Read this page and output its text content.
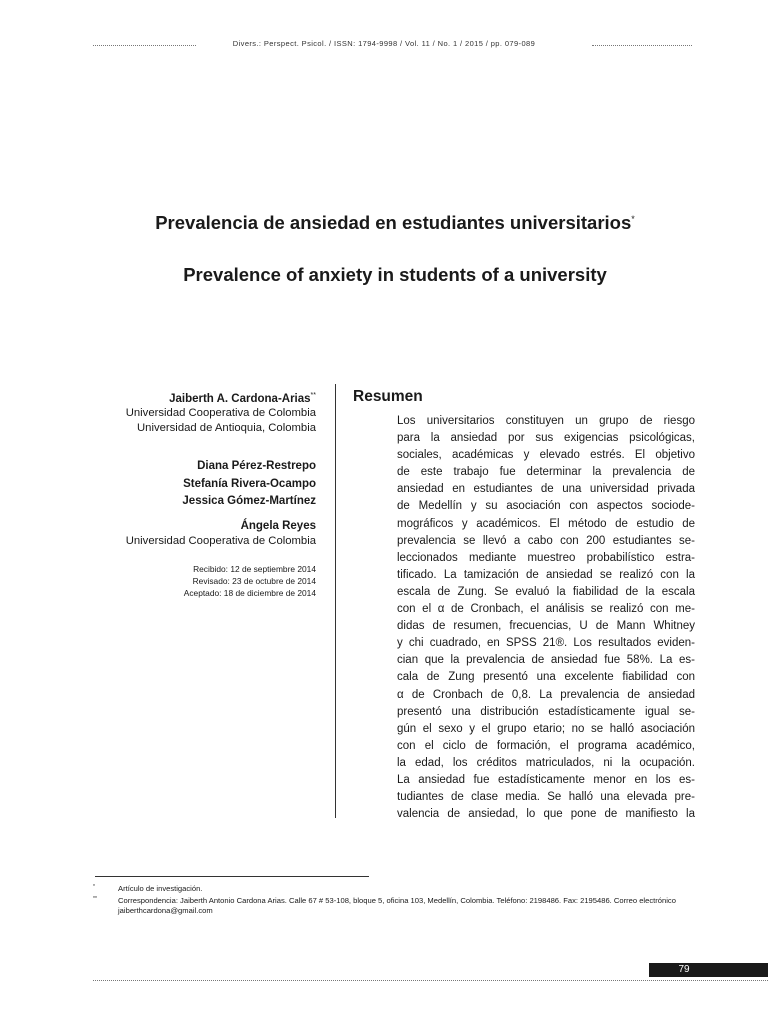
Divers.: Perspect. Psicol. / ISSN: 1794-9998 / Vol. 11 / No. 1 / 2015 / pp. 079-089
Prevalencia de ansiedad en estudiantes universitarios*
Prevalence of anxiety in students of a university
Jaiberth A. Cardona-Arias**
Universidad Cooperativa de Colombia
Universidad de Antioquia, Colombia
Diana Pérez-Restrepo
Stefanía Rivera-Ocampo
Jessica Gómez-Martínez
Ángela Reyes
Universidad Cooperativa de Colombia
Recibido: 12 de septiembre 2014
Revisado: 23 de octubre de 2014
Aceptado: 18 de diciembre de 2014
Resumen
Los universitarios constituyen un grupo de riesgo
para la ansiedad por sus exigencias psicológicas,
sociales, académicas y elevado estrés. El objetivo
de este trabajo fue determinar la prevalencia de
ansiedad en estudiantes de una universidad privada
de Medellín y su asociación con aspectos sociode-
mográficos y académicos. El método de estudio de
prevalencia se llevó a cabo con 200 estudiantes se-
leccionados mediante muestreo probabilístico estra-
tificado. La tamización de ansiedad se realizó con la
escala de Zung. Se evaluó la fiabilidad de la escala
con el α de Cronbach, el análisis se realizó con me-
didas de resumen, frecuencias, U de Mann Whitney
y chi cuadrado, en SPSS 21®. Los resultados eviden-
cian que la prevalencia de ansiedad fue 58%. La es-
cala de Zung presentó una excelente fiabilidad con
α de Cronbach de 0,8. La prevalencia de ansiedad
presentó una distribución estadísticamente igual se-
gún el sexo y el grupo etario; no se halló asociación
con el ciclo de formación, el programa académico,
la edad, los créditos matriculados, ni la ocupación.
La ansiedad fue estadísticamente menor en los es-
tudiantes de clase media. Se halló una elevada pre-
valencia de ansiedad, lo que pone de manifiesto la
*	Artículo de investigación.
**	Correspondencia: Jaiberth Antonio Cardona Arias. Calle 67 # 53-108, bloque 5, oficina 103, Medellín, Colombia. Teléfono: 2198486. Fax: 2195486. Correo electrónico jaiberthcardona@gmail.com
79
